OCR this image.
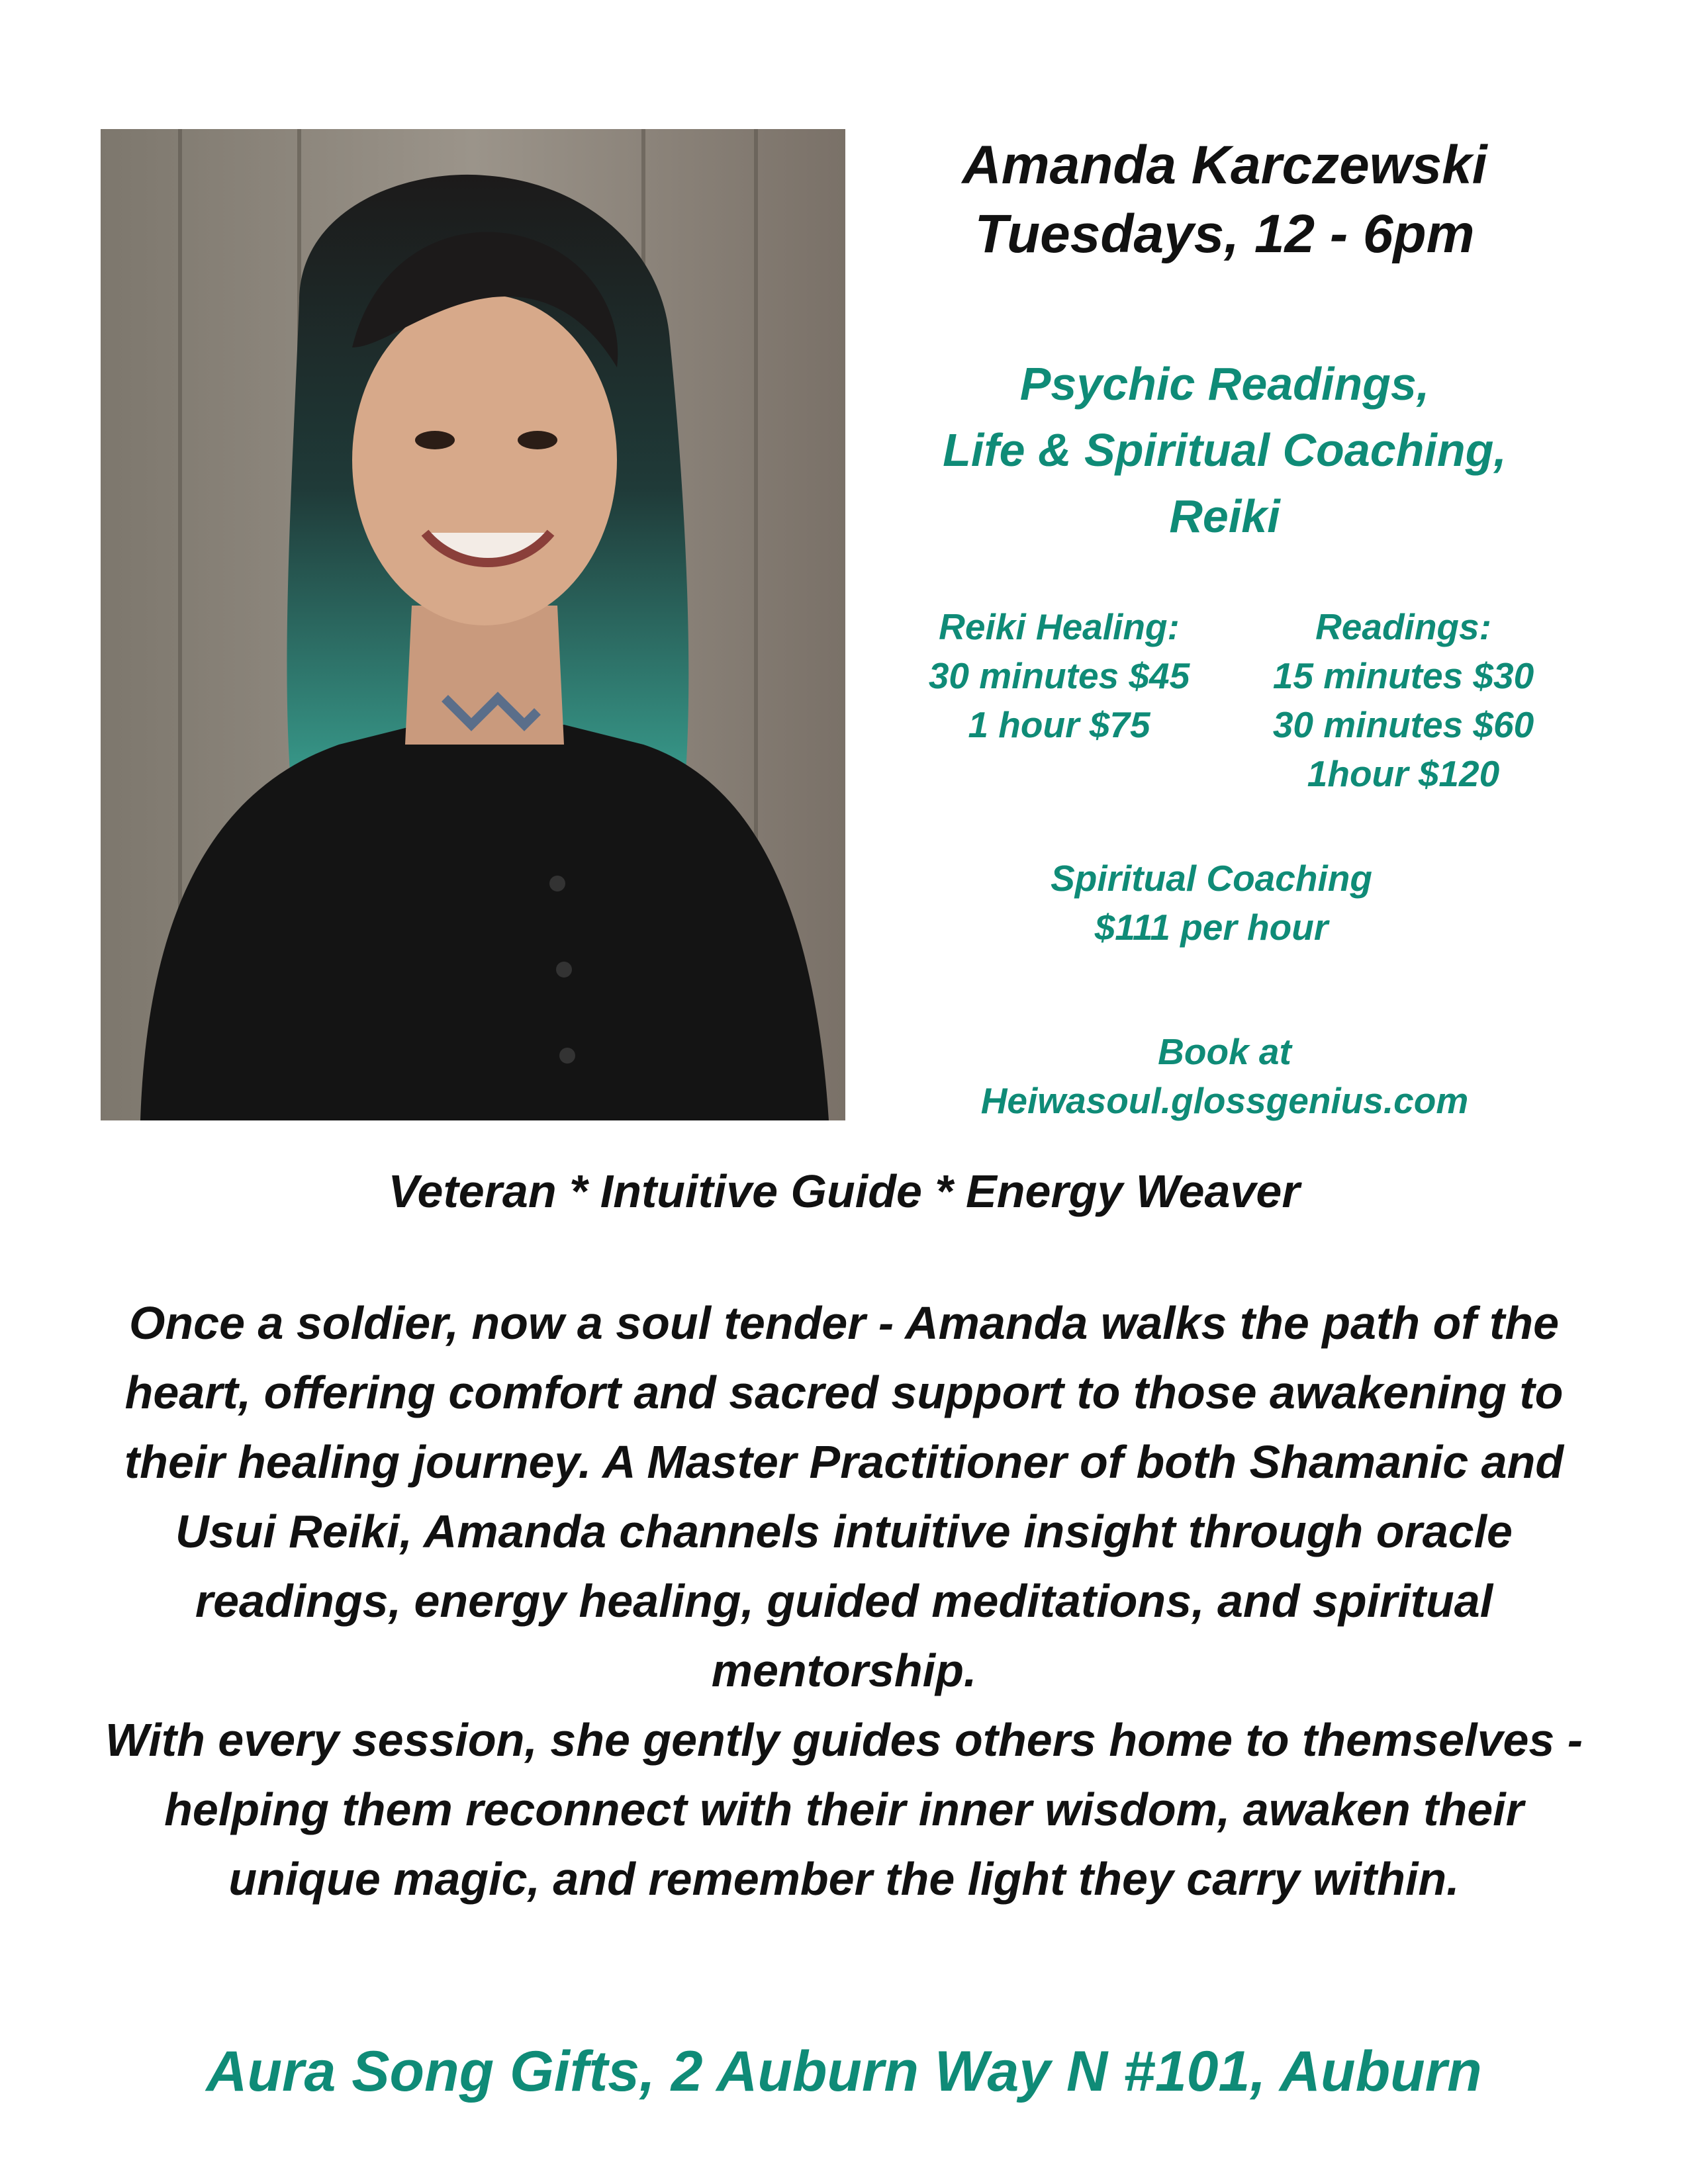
Amanda Karczewski
Tuesdays, 12 - 6pm
Psychic Readings,
Life & Spiritual Coaching,
Reiki
Reiki Healing:
30 minutes $45
1 hour $75
Readings:
15 minutes $30
30 minutes $60
1hour $120
Spiritual Coaching
$111 per hour
Book at
Heiwasoul.glossgenius.com
Veteran * Intuitive Guide * Energy Weaver

Once a soldier, now a soul tender - Amanda walks the path of the heart, offering comfort and sacred support to those awakening to their healing journey. A Master Practitioner of both Shamanic and Usui Reiki, Amanda channels intuitive insight through oracle readings, energy healing, guided meditations, and spiritual mentorship.

With every session, she gently guides others home to themselves - helping them reconnect with their inner wisdom, awaken their unique magic, and remember the light they carry within.

Aura Song Gifts, 2 Auburn Way N #101, Auburn
